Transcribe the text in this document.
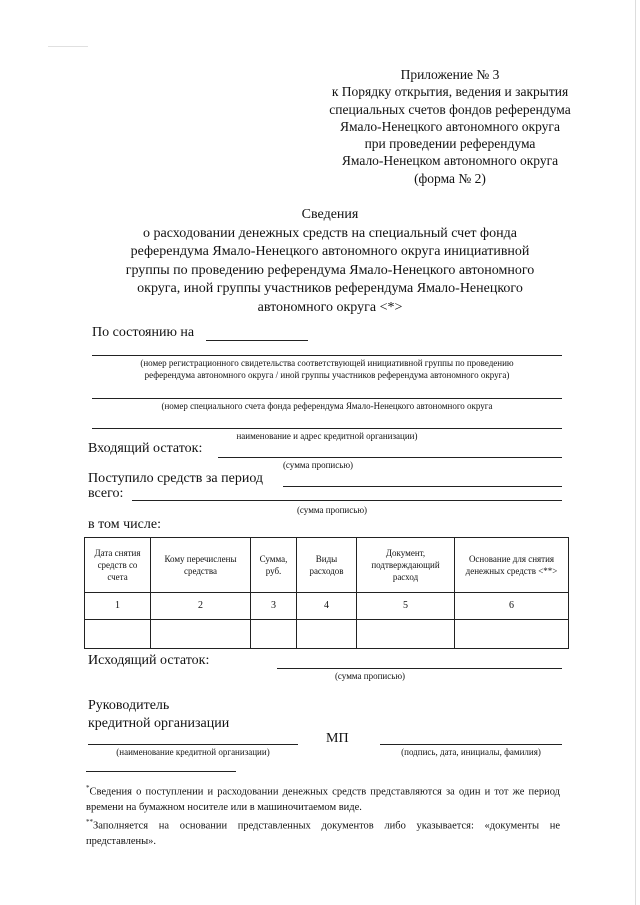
Приложение № 3
к Порядку открытия, ведения и закрытия
специальных счетов фондов референдума
Ямало-Ненецкого автономного округа
при проведении референдума
Ямало-Ненецком автономного округа
(форма № 2)
Сведения
о расходовании денежных средств на специальный счет фонда
референдума Ямало-Ненецкого автономного округа инициативной
группы по проведению референдума Ямало-Ненецкого автономного
округа, иной группы участников референдума Ямало-Ненецкого
автономного округа <*>
По состоянию на
(номер регистрационного свидетельства соответствующей инициативной группы по проведению
референдума автономного округа / иной группы участников референдума автономного округа)
(номер специального счета фонда референдума Ямало-Ненецкого автономного округа
наименование и адрес кредитной организации)
Входящий остаток:
(сумма прописью)
Поступило средств за период
всего:
(сумма прописью)
в том числе:
Дата снятия средств со счета	Кому перечислены средства	Сумма, руб.	Виды расходов	Документ, подтверждающий расход	Основание для снятия денежных средств <**>
1	2	3	4	5	6

Исходящий остаток:
(сумма прописью)
Руководитель
кредитной организации
МП
(наименование кредитной организации)	(подпись, дата, инициалы, фамилия)
*Сведения о поступлении и расходовании денежных средств представляются за один и тот же период времени на бумажном носителе или в машиночитаемом виде.
**Заполняется на основании представленных документов либо указывается: «документы не представлены».
